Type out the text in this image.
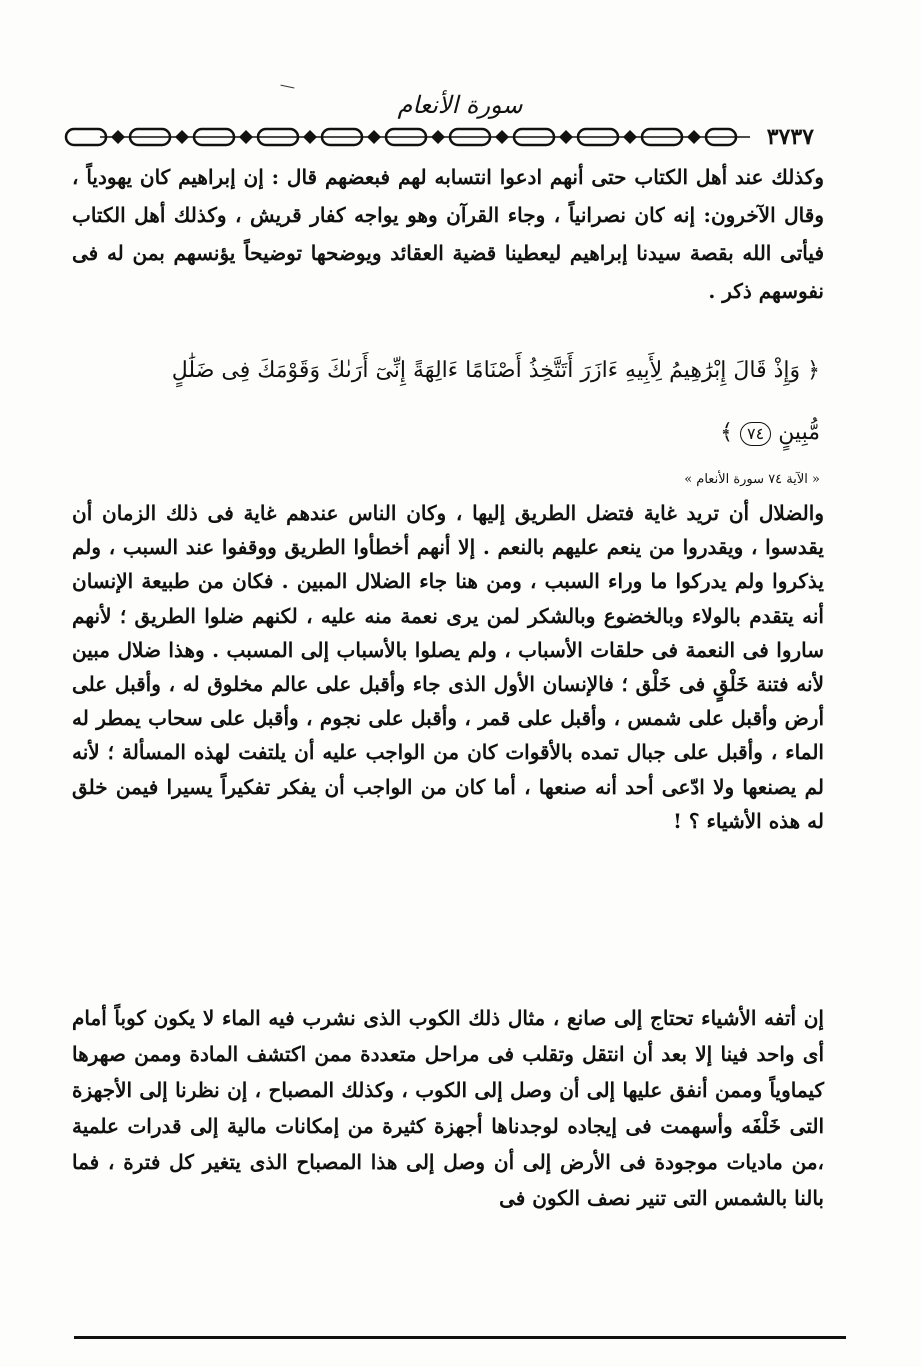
سورة الأنعام
٣٧٣٧

وكذلك عند أهل الكتاب حتى أنهم ادعوا انتسابه لهم فبعضهم قال : إن إبراهيم كان يهودياً ، وقال الآخرون: إنه كان نصرانياً ، وجاء القرآن وهو يواجه كفار قريش ، وكذلك أهل الكتاب فيأتى الله بقصة سيدنا إبراهيم ليعطينا قضية العقائد ويوضحها توضيحاً يؤنسهم بمن له فى نفوسهم ذكر .

﴿ وَإِذْ قَالَ إِبْرَٰهِيمُ لِأَبِيهِ ءَازَرَ أَتَتَّخِذُ أَصْنَامًا ءَالِهَةً إِنِّىٓ أَرَىٰكَ وَقَوْمَكَ فِى ضَلَٰلٍ
مُّبِينٍ ٧٤ ﴾

« الآية ٧٤ سورة الأنعام »

والضلال أن تريد غاية فتضل الطريق إليها ، وكان الناس عندهم غاية فى ذلك الزمان أن يقدسوا ، ويقدروا من ينعم عليهم بالنعم . إلا أنهم أخطأوا الطريق ووقفوا عند السبب ، ولم يذكروا ولم يدركوا ما وراء السبب ، ومن هنا جاء الضلال المبين . فكان من طبيعة الإنسان أنه يتقدم بالولاء وبالخضوع وبالشكر لمن يرى نعمة منه عليه ، لكنهم ضلوا الطريق ؛ لأنهم ساروا فى النعمة فى حلقات الأسباب ، ولم يصلوا بالأسباب إلى المسبب . وهذا ضلال مبين لأنه فتنة خَلْقٍ فى خَلْق ؛ فالإنسان الأول الذى جاء وأقبل على عالم مخلوق له ، وأقبل على أرض وأقبل على شمس ، وأقبل على قمر ، وأقبل على نجوم ، وأقبل على سحاب يمطر له الماء ، وأقبل على جبال تمده بالأقوات كان من الواجب عليه أن يلتفت لهذه المسألة ؛ لأنه لم يصنعها ولا ادّعى أحد أنه صنعها ، أما كان من الواجب أن يفكر تفكيراً يسيرا فيمن خلق له هذه الأشياء ؟ !

إن أتفه الأشياء تحتاج إلى صانع ، مثال ذلك الكوب الذى نشرب فيه الماء لا يكون كوباً أمام أى واحد فينا إلا بعد أن انتقل وتقلب فى مراحل متعددة ممن اكتشف المادة وممن صهرها كيماوياً وممن أنفق عليها إلى أن وصل إلى الكوب ، وكذلك المصباح ، إن نظرنا إلى الأجهزة التى خَلْفَه وأسهمت فى إيجاده لوجدناها أجهزة كثيرة من إمكانات مالية إلى قدرات علمية ،من ماديات موجودة فى الأرض إلى أن وصل إلى هذا المصباح الذى يتغير كل فترة ، فما بالنا بالشمس التى تنير نصف الكون فى
